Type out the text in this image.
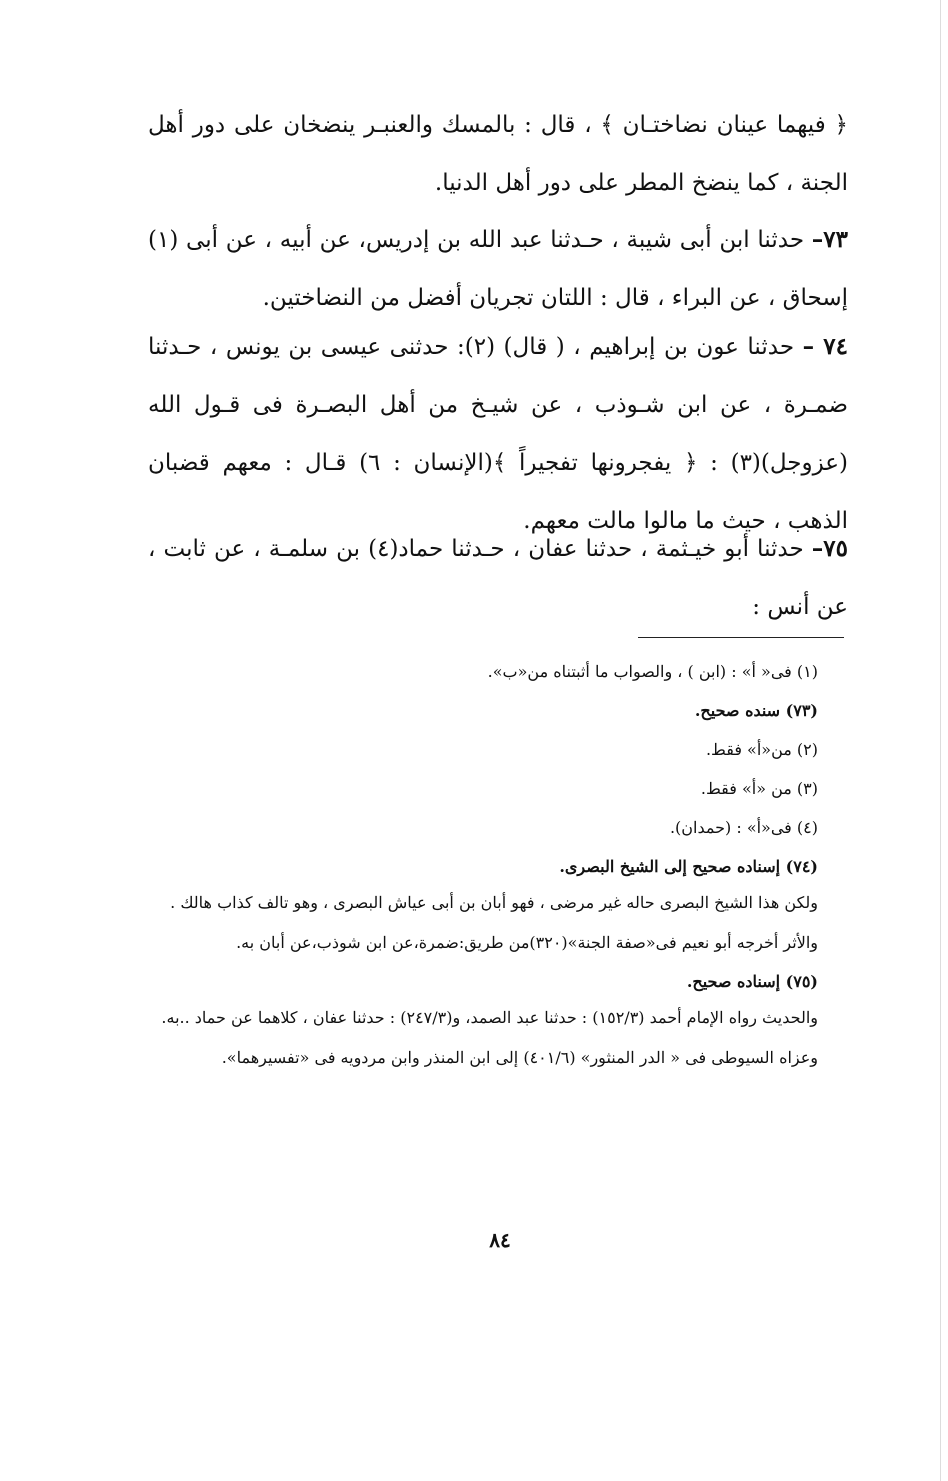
﴿ فيهما عينان نضاختـان ﴾ ، قال : بالمسك والعنبـر ينضخان على دور أهل الجنة ، كما ينضخ المطر على دور أهل الدنيا.

٧٣– حدثنا ابن أبى شيبة ، حـدثنا عبد الله بن إدريس، عن أبيه ، عن أبى (١) إسحاق ، عن البراء ، قال : اللتان تجريان أفضل من النضاختين.

٧٤ – حدثنا عون بن إبراهيم ، ( قال) (٢): حدثنى عيسى بن يونس ، حـدثنا ضمـرة ، عن ابن شـوذب ، عن شيـخ من أهل البصـرة فى قـول الله (عزوجل)(٣) : ﴿ يفجرونها تفجيراً ﴾(الإنسان : ٦) قـال : معهم قضبان الذهب ، حيث ما مالوا مالت معهم.

٧٥– حدثنا أبو خيـثمة ، حدثنا عفان ، حـدثنا حماد(٤) بن سلمـة ، عن ثابت ، عن أنس :

(١) فى« أ» : (ابن ) ، والصواب ما أثبتناه من«ب».

(٧٣) سنده صحيح.

(٢) من«أ» فقط.

(٣) من «أ» فقط.

(٤) فى«أ» : (حمدان).

(٧٤) إسناده صحيح إلى الشيخ البصرى.

ولكن هذا الشيخ البصرى حاله غير مرضى ، فهو أبان بن أبى عياش البصرى ، وهو تالف كذاب هالك .

والأثر أخرجه أبو نعيم فى«صفة الجنة»(٣٢٠)من طريق:ضمرة،عن ابن شوذب،عن أبان به.

(٧٥) إسناده صحيح.

والحديث رواه الإمام أحمد (١٥٢/٣) : حدثنا عبد الصمد، و(٢٤٧/٣) : حدثنا عفان ، كلاهما عن حماد ..به.

وعزاه السيوطى فى « الدر المنثور» (٤٠١/٦) إلى ابن المنذر وابن مردويه فى «تفسيرهما».

٨٤
